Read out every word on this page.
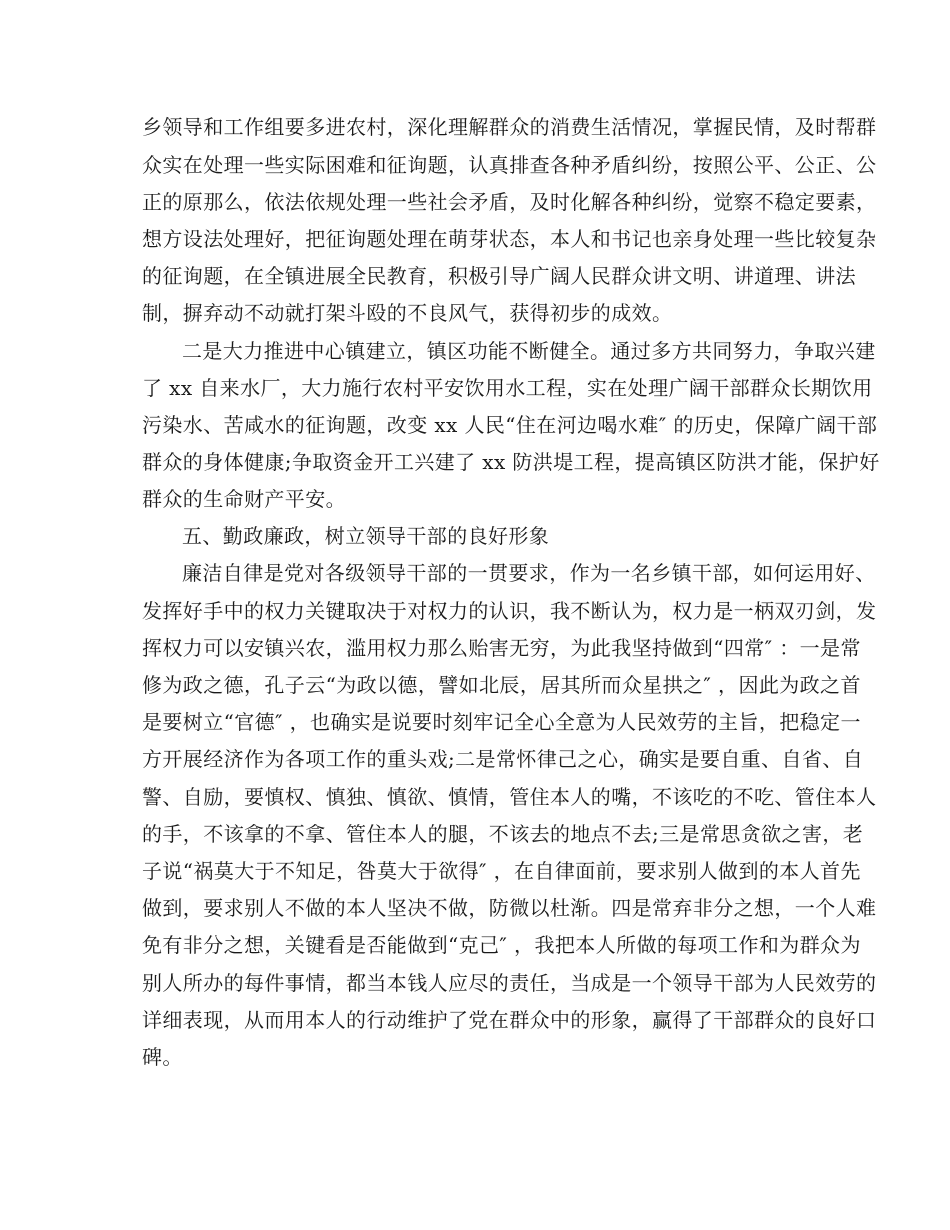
乡领导和工作组要多进农村，深化理解群众的消费生活情况，掌握民情，及时帮群
众实在处理一些实际困难和征询题，认真排查各种矛盾纠纷，按照公平、公正、公
正的原那么，依法依规处理一些社会矛盾，及时化解各种纠纷，觉察不稳定要素，
想方设法处理好，把征询题处理在萌芽状态，本人和书记也亲身处理一些比较复杂
的征询题，在全镇进展全民教育，积极引导广阔人民群众讲文明、讲道理、讲法
制，摒弃动不动就打架斗殴的不良风气，获得初步的成效。
二是大力推进中心镇建立，镇区功能不断健全。通过多方共同努力，争取兴建
了 xx 自来水厂，大力施行农村平安饮用水工程，实在处理广阔干部群众长期饮用
污染水、苦咸水的征询题，改变 xx 人民“住在河边喝水难″ 的历史，保障广阔干部
群众的身体健康;争取资金开工兴建了 xx 防洪堤工程，提高镇区防洪才能，保护好
群众的生命财产平安。
五、勤政廉政，树立领导干部的良好形象
廉洁自律是党对各级领导干部的一贯要求，作为一名乡镇干部，如何运用好、
发挥好手中的权力关键取决于对权力的认识，我不断认为，权力是一柄双刃剑，发
挥权力可以安镇兴农，滥用权力那么贻害无穷，为此我坚持做到“四常″ ：一是常
修为政之德，孔子云“为政以德，譬如北辰，居其所而众星拱之″ ，因此为政之首
是要树立“官德″ ，也确实是说要时刻牢记全心全意为人民效劳的主旨，把稳定一
方开展经济作为各项工作的重头戏;二是常怀律己之心，确实是要自重、自省、自
警、自励，要慎权、慎独、慎欲、慎情，管住本人的嘴，不该吃的不吃、管住本人
的手，不该拿的不拿、管住本人的腿，不该去的地点不去;三是常思贪欲之害，老
子说“祸莫大于不知足，咎莫大于欲得″ ，在自律面前，要求别人做到的本人首先
做到，要求别人不做的本人坚决不做，防微以杜渐。四是常弃非分之想，一个人难
免有非分之想，关键看是否能做到“克己″ ，我把本人所做的每项工作和为群众为
别人所办的每件事情，都当本钱人应尽的责任，当成是一个领导干部为人民效劳的
详细表现，从而用本人的行动维护了党在群众中的形象，赢得了干部群众的良好口
碑。
